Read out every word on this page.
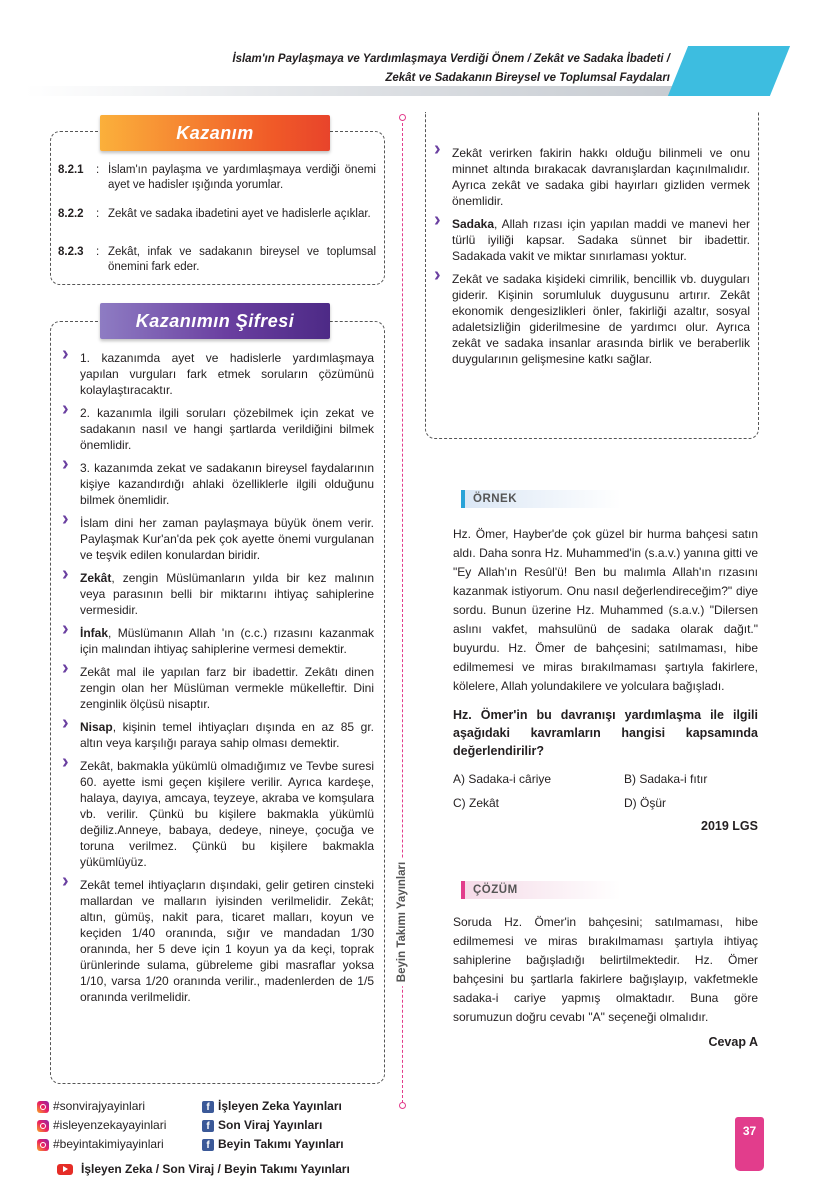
İslam'ın Paylaşmaya ve Yardımlaşmaya Verdiği Önem / Zekât ve Sadaka İbadeti /
Zekât ve Sadakanın Bireysel ve Toplumsal Faydaları
Kazanım
8.2.1	: İslam'ın paylaşma ve yardımlaşmaya verdiği önemi ayet ve hadisler ışığında yorumlar.
8.2.2	: Zekât ve sadaka ibadetini ayet ve hadislerle açıklar.
8.2.3	: Zekât, infak ve sadakanın bireysel ve toplumsal önemini fark eder.
Kazanımın Şifresi
› 1. kazanımda ayet ve hadislerle yardımlaşmaya yapılan vurguları fark etmek soruların çözümünü kolaylaştıracaktır.
› 2. kazanımla ilgili soruları çözebilmek için zekat ve sadakanın nasıl ve hangi şartlarda verildiğini bilmek önemlidir.
› 3. kazanımda zekat ve sadakanın bireysel faydalarının kişiye kazandırdığı ahlaki özelliklerle ilgili olduğunu bilmek önemlidir.
› İslam dini her zaman paylaşmaya büyük önem verir. Paylaşmak Kur'an'da pek çok ayette önemi vurgulanan ve teşvik edilen konulardan biridir.
› Zekât, zengin Müslümanların yılda bir kez malının veya parasının belli bir miktarını ihtiyaç sahiplerine vermesidir.
› İnfak, Müslümanın Allah 'ın (c.c.) rızasını kazanmak için malından ihtiyaç sahiplerine vermesi demektir.
› Zekât mal ile yapılan farz bir ibadettir. Zekâtı dinen zengin olan her Müslüman vermekle mükelleftir. Dini zenginlik ölçüsü nisaptır.
› Nisap, kişinin temel ihtiyaçları dışında en az 85 gr. altın veya karşılığı paraya sahip olması demektir.
› Zekât, bakmakla yükümlü olmadığımız ve Tevbe suresi 60. ayette ismi geçen kişilere verilir. Ayrıca kardeşe, halaya, dayıya, amcaya, teyzeye, akraba ve komşulara vb. verilir. Çünkü bu kişilere bakmakla yükümlü değiliz.Anneye, babaya, dedeye, nineye, çocuğa ve toruna verilmez. Çünkü bu kişilere bakmakla yükümlüyüz.
› Zekât temel ihtiyaçların dışındaki, gelir getiren cinsteki mallardan ve malların iyisinden verilmelidir. Zekât; altın, gümüş, nakit para, ticaret malları, koyun ve keçiden 1/40 oranında, sığır ve mandadan 1/30 oranında, her 5 deve için 1 koyun ya da keçi, toprak ürünlerinde sulama, gübreleme gibi masraflar yoksa 1/10, varsa 1/20 oranında verilir., madenlerden de 1/5 oranında verilmelidir.
Beyin Takımı Yayınları
› Zekât verirken fakirin hakkı olduğu bilinmeli ve onu minnet altında bırakacak davranışlardan kaçınılmalıdır. Ayrıca zekât ve sadaka gibi hayırları gizliden vermek önemlidir.
› Sadaka, Allah rızası için yapılan maddi ve manevi her türlü iyiliği kapsar. Sadaka sünnet bir ibadettir. Sadakada vakit ve miktar sınırlaması yoktur.
› Zekât ve sadaka kişideki cimrilik, bencillik vb. duyguları giderir. Kişinin sorumluluk duygusunu artırır. Zekât ekonomik dengesizlikleri önler, fakirliği azaltır, sosyal adaletsizliğin giderilmesine de yardımcı olur. Ayrıca zekât ve sadaka insanlar arasında birlik ve beraberlik duygularının gelişmesine katkı sağlar.
ÖRNEK
Hz. Ömer, Hayber'de çok güzel bir hurma bahçesi satın aldı. Daha sonra Hz. Muhammed'in (s.a.v.) yanına gitti ve "Ey Allah'ın Resûl'ü! Ben bu malımla Allah'ın rızasını kazanmak istiyorum. Onu nasıl değerlendireceğim?" diye sordu. Bunun üzerine Hz. Muhammed (s.a.v.) "Dilersen aslını vakfet, mahsulünü de sadaka olarak dağıt." buyurdu. Hz. Ömer de bahçesini; satılmaması, hibe edilmemesi ve miras bırakılmaması şartıyla fakirlere, kölelere, Allah yolundakilere ve yolculara bağışladı.
Hz. Ömer'in bu davranışı yardımlaşma ile ilgili aşağıdaki kavramların hangisi kapsamında değerlendirilir?
A) Sadaka-i câriye	B) Sadaka-i fıtır
C) Zekât	D) Öşür
2019 LGS
ÇÖZÜM
Soruda Hz. Ömer'in bahçesini; satılmaması, hibe edilmemesi ve miras bırakılmaması şartıyla ihtiyaç sahiplerine bağışladığı belirtilmektedir. Hz. Ömer bahçesini bu şartlarla fakirlere bağışlayıp, vakfetmekle sadaka-i cariye yapmış olmaktadır. Buna göre sorumuzun doğru cevabı "A" seçeneği olmalıdır.
Cevap A
#sonvirajyayinlari
#isleyenzekayayinlari
#beyintakimiyayinlari
f İşleyen Zeka Yayınları
f Son Viraj Yayınları
f Beyin Takımı Yayınları
İşleyen Zeka / Son Viraj / Beyin Takımı Yayınları
37
